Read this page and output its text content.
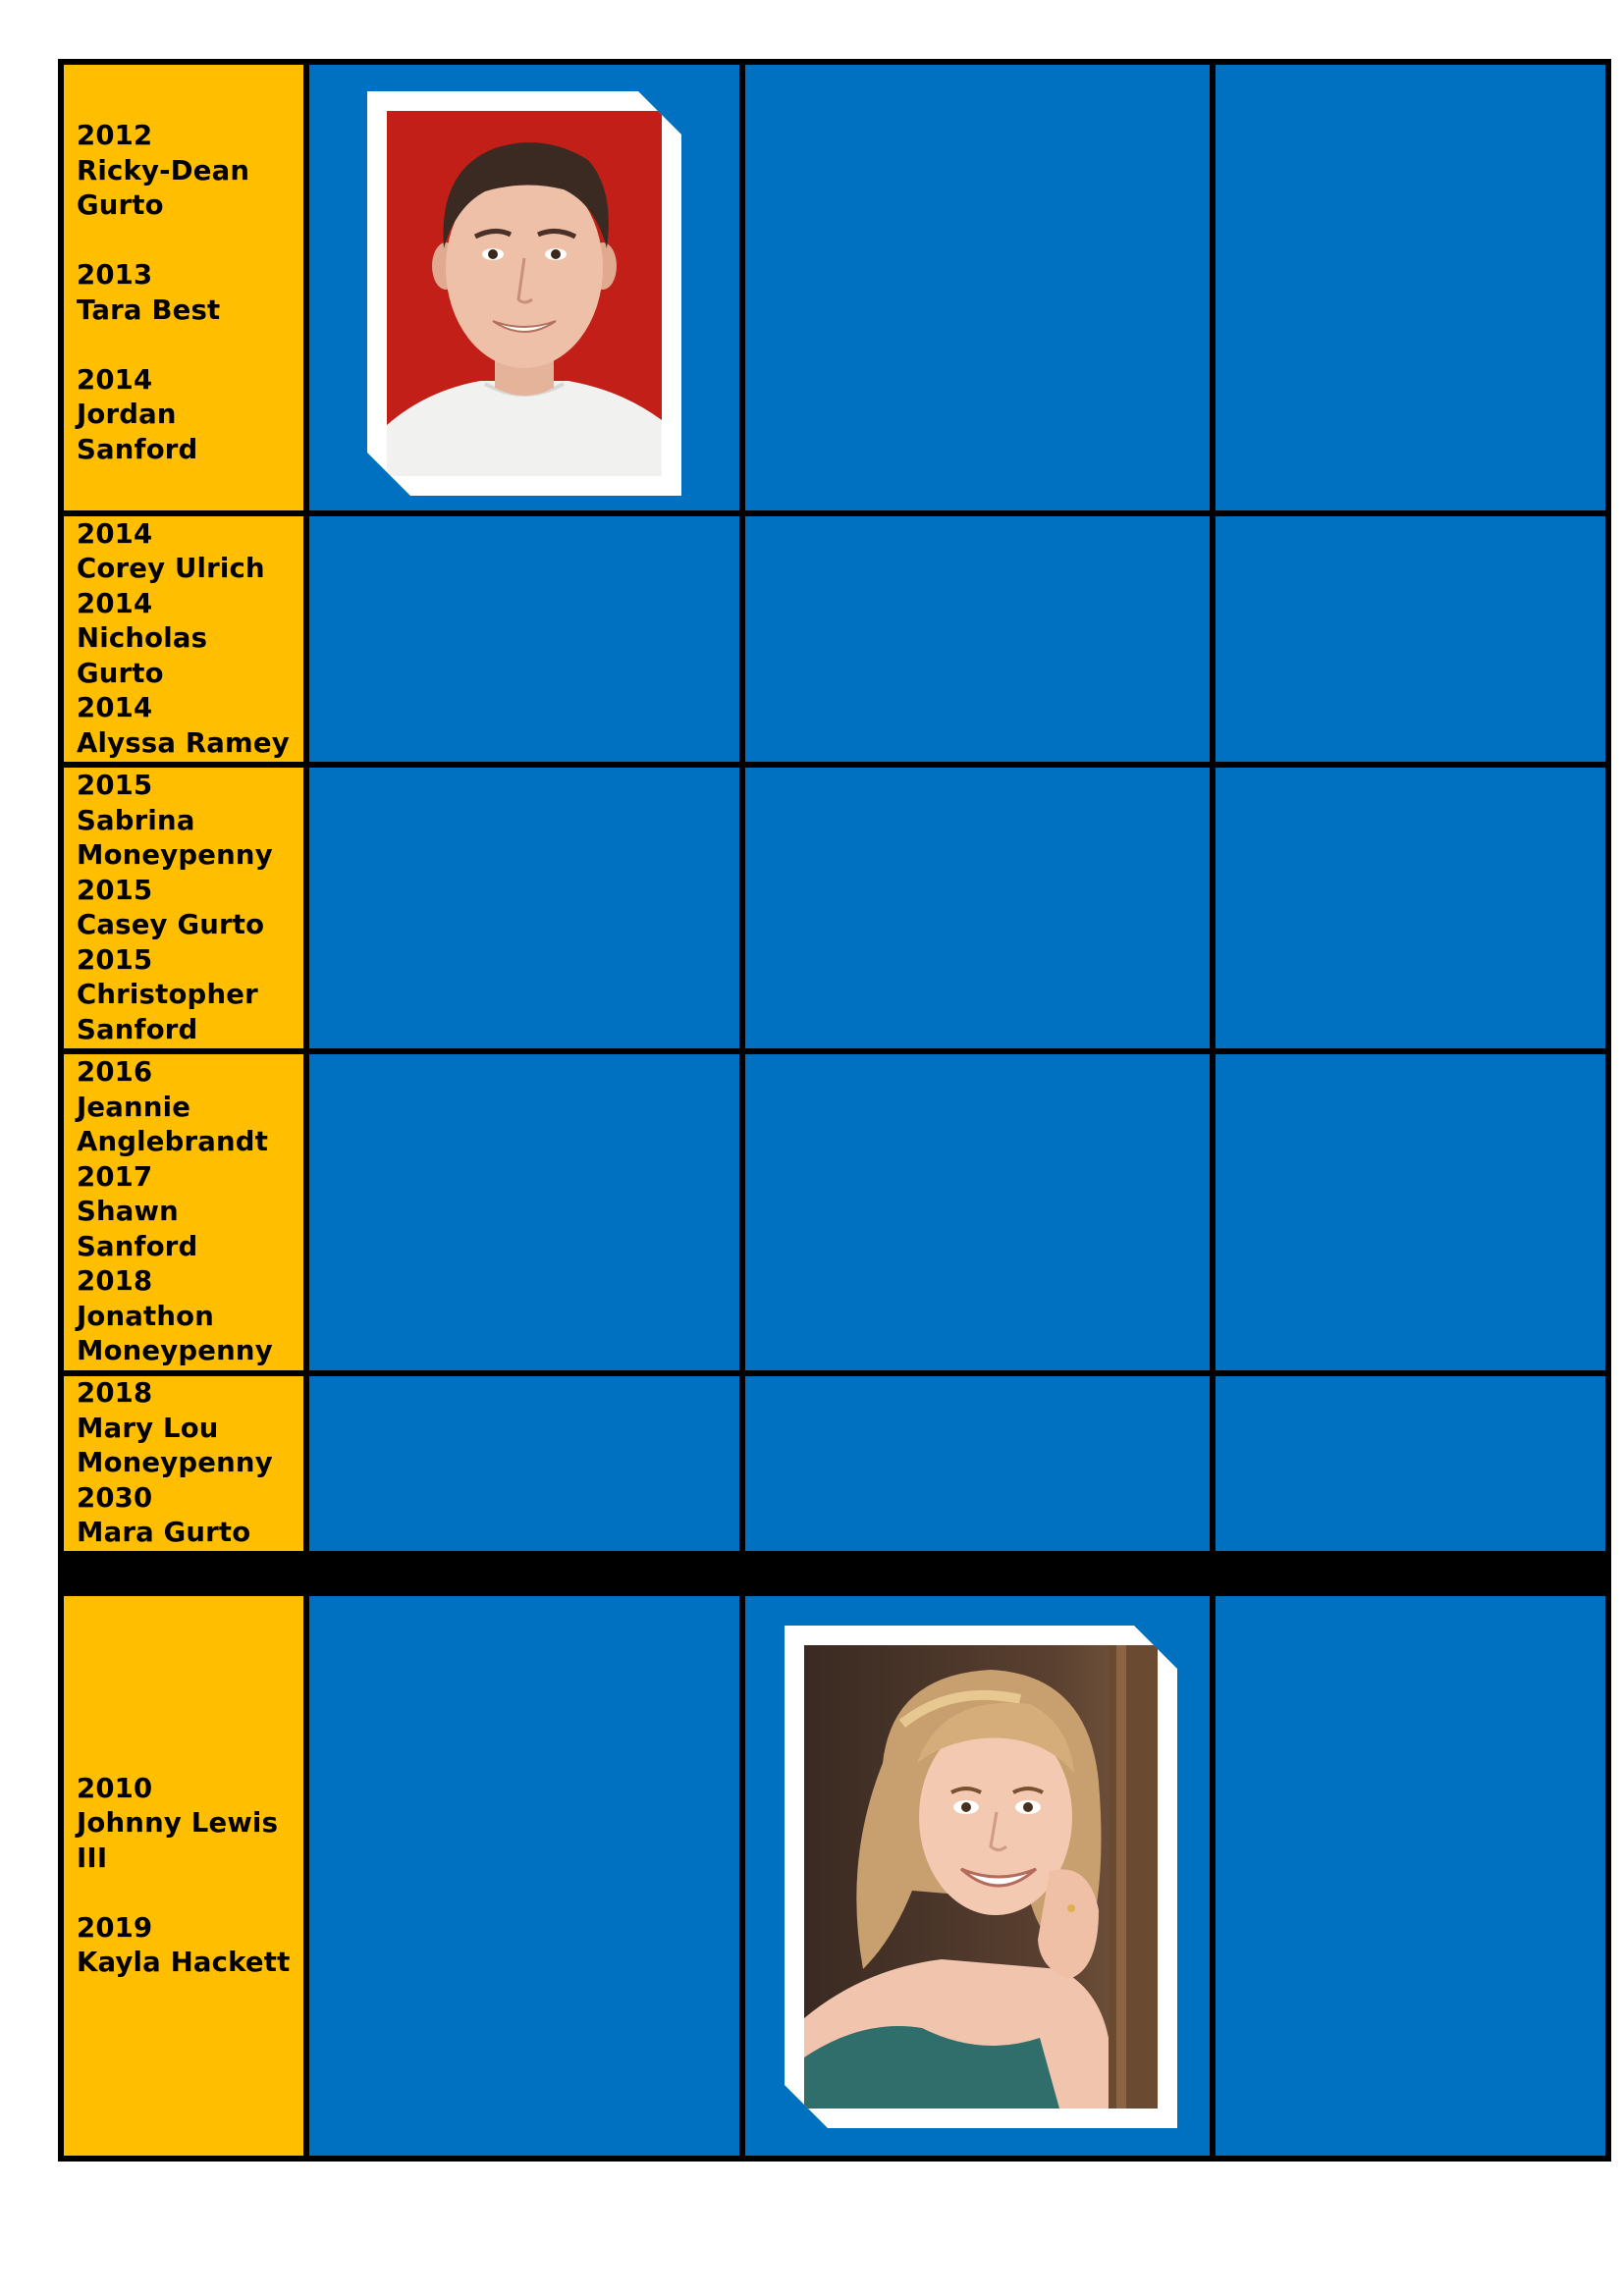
2012
Ricky-Dean
Gurto

2013
Tara Best

2014
Jordan
Sanford
2014
Corey Ulrich
2014
Nicholas
Gurto
2014
Alyssa Ramey
2015
Sabrina
Moneypenny
2015
Casey Gurto
2015
Christopher
Sanford
2016
Jeannie
Anglebrandt
2017
Shawn
Sanford
2018
Jonathon
Moneypenny
2018
Mary Lou
Moneypenny
2030
Mara Gurto
2010
Johnny Lewis
III

2019
Kayla Hackett
